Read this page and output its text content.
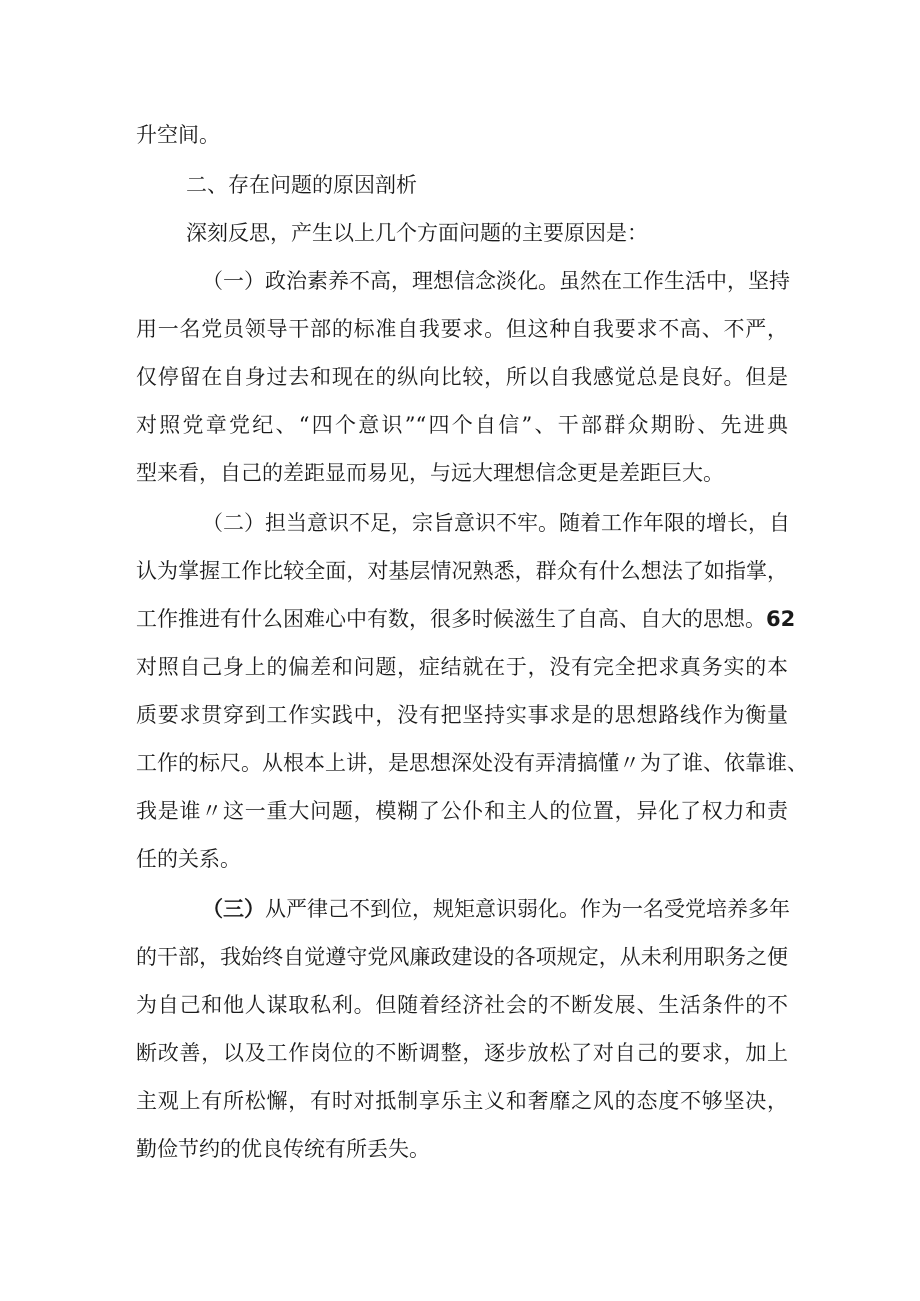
升空间。
二、存在问题的原因剖析
深刻反思，产生以上几个方面问题的主要原因是：
（一）政治素养不高，理想信念淡化。虽然在工作生活中，坚持
用一名党员领导干部的标准自我要求。但这种自我要求不高、不严，
仅停留在自身过去和现在的纵向比较，所以自我感觉总是良好。但是
对照党章党纪、“四个意识”“四个自信”、干部群众期盼、先进典
型来看，自己的差距显而易见，与远大理想信念更是差距巨大。
（二）担当意识不足，宗旨意识不牢。随着工作年限的增长，自
认为掌握工作比较全面，对基层情况熟悉，群众有什么想法了如指掌，
工作推进有什么困难心中有数，很多时候滋生了自高、自大的思想。62
对照自己身上的偏差和问题，症结就在于，没有完全把求真务实的本
质要求贯穿到工作实践中，没有把坚持实事求是的思想路线作为衡量
工作的标尺。从根本上讲，是思想深处没有弄清搞懂〃为了谁、依靠谁、
我是谁〃这一重大问题，模糊了公仆和主人的位置，异化了权力和责
任的关系。
（三）从严律己不到位，规矩意识弱化。作为一名受党培养多年
的干部，我始终自觉遵守党风廉政建设的各项规定，从未利用职务之便
为自己和他人谋取私利。但随着经济社会的不断发展、生活条件的不
断改善，以及工作岗位的不断调整，逐步放松了对自己的要求，加上
主观上有所松懈，有时对抵制享乐主义和奢靡之风的态度不够坚决，
勤俭节约的优良传统有所丢失。
